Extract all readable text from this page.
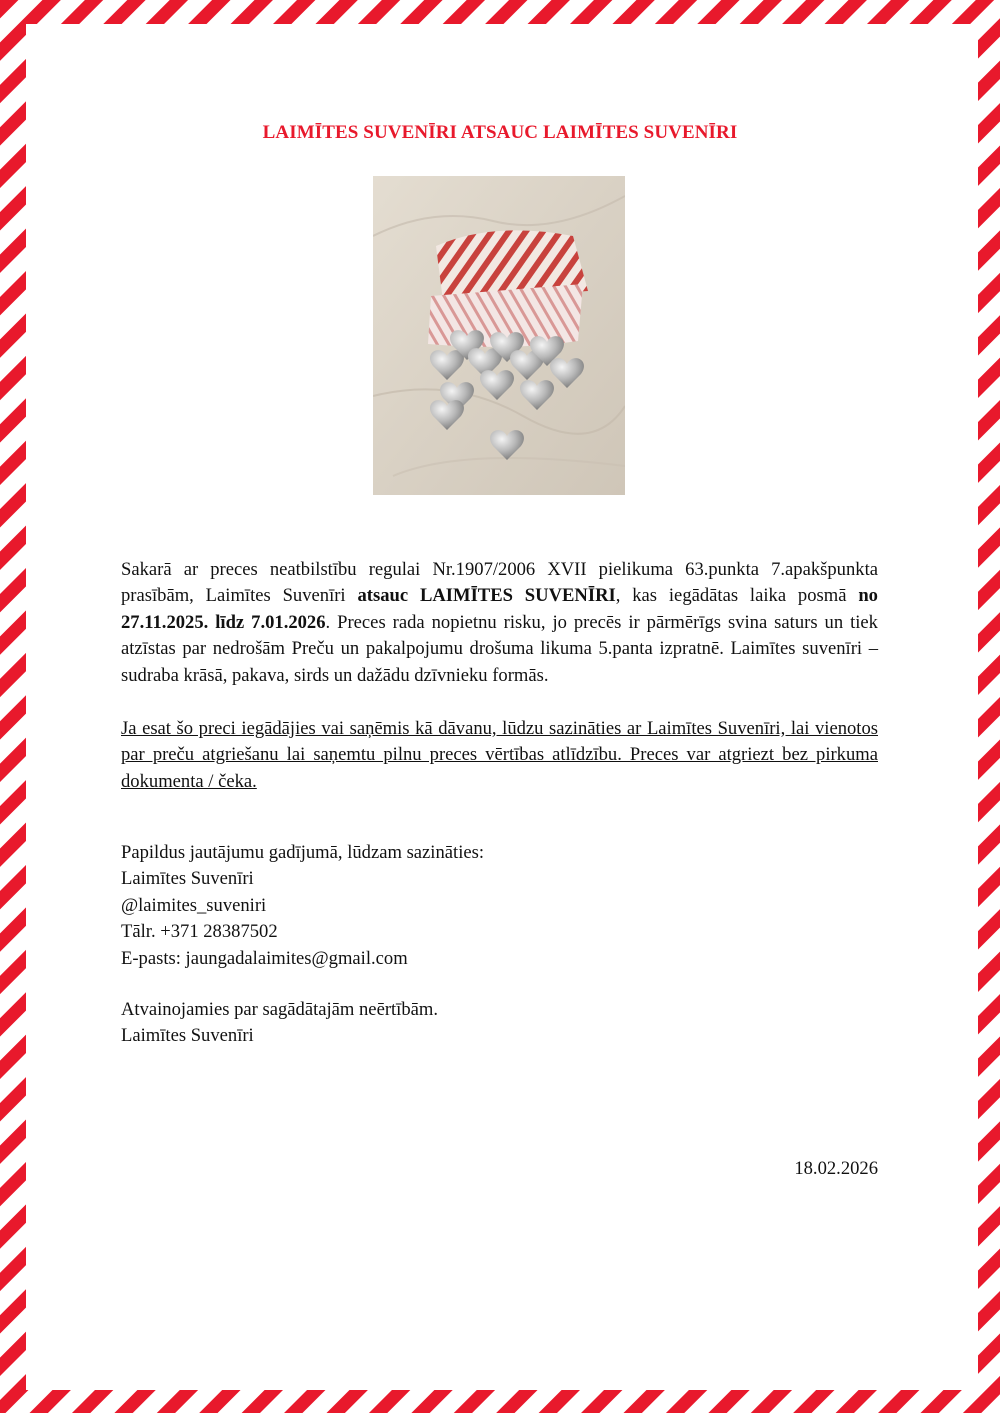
LAIMĪTES SUVENĪRI ATSAUC LAIMĪTES SUVENĪRI
Sakarā ar preces neatbilstību regulai Nr.1907/2006 XVII pielikuma 63.punkta 7.apakšpunkta prasībām, Laimītes Suvenīri atsauc LAIMĪTES SUVENĪRI, kas iegādātas laika posmā no 27.11.2025. līdz 7.01.2026. Preces rada nopietnu risku, jo precēs ir pārmērīgs svina saturs un tiek atzīstas par nedrošām Preču un pakalpojumu drošuma likuma 5.panta izpratnē. Laimītes suvenīri – sudraba krāsā, pakava, sirds un dažādu dzīvnieku formās.
Ja esat šo preci iegādājies vai saņēmis kā dāvanu, lūdzu sazināties ar Laimītes Suvenīri, lai vienotos par preču atgriešanu lai saņemtu pilnu preces vērtības atlīdzību. Preces var atgriezt bez pirkuma dokumenta / čeka.
Papildus jautājumu gadījumā, lūdzam sazināties:
Laimītes Suvenīri
@laimites_suveniri
Tālr. +371 28387502
E-pasts: jaungadalaimites@gmail.com
Atvainojamies par sagādātajām neērtībām.
Laimītes Suvenīri
18.02.2026
